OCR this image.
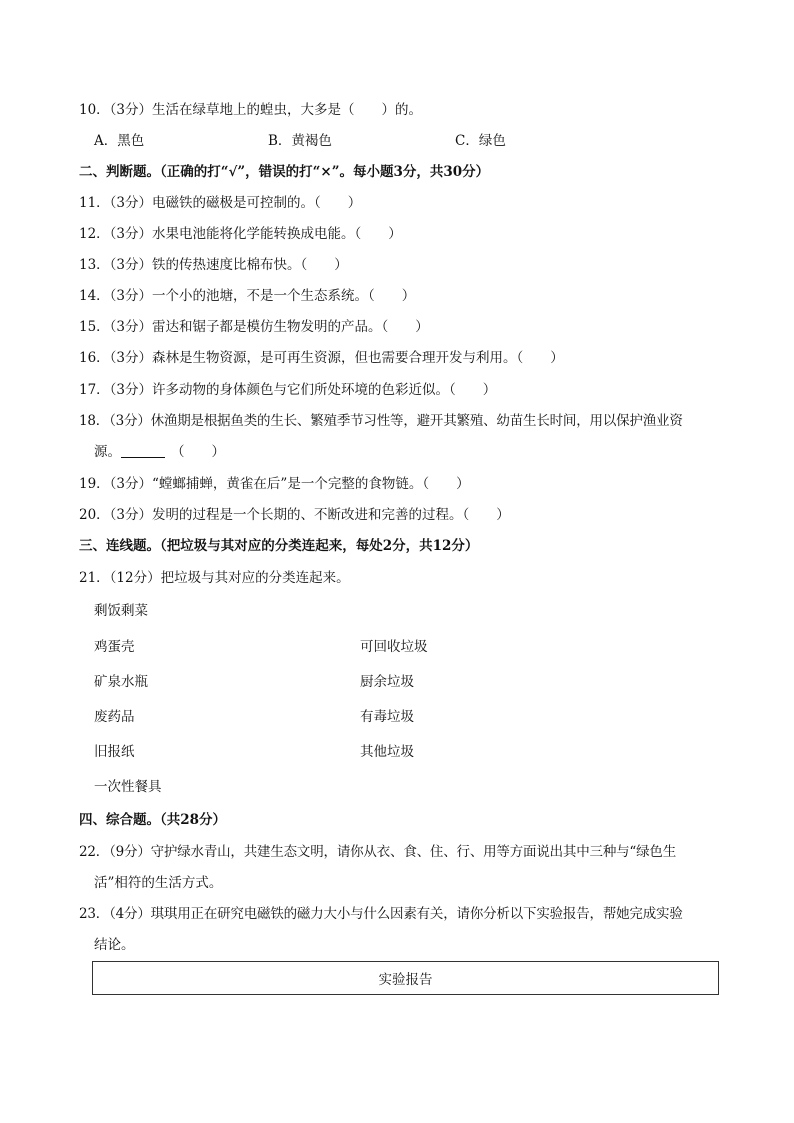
10．（3分）生活在绿草地上的蝗虫，大多是（　　）的。
A．黑色	B．黄褐色	C．绿色
二、判断题。（正确的打“√”，错误的打“×”。每小题3分，共30分）
11．（3分）电磁铁的磁极是可控制的。（　　）
12．（3分）水果电池能将化学能转换成电能。（　　）
13．（3分）铁的传热速度比棉布快。（　　）
14．（3分）一个小的池塘，不是一个生态系统。（　　）
15．（3分）雷达和锯子都是模仿生物发明的产品。（　　）
16．（3分）森林是生物资源，是可再生资源，但也需要合理开发与利用。（　　）
17．（3分）许多动物的身体颜色与它们所处环境的色彩近似。（　　）
18．（3分）休渔期是根据鱼类的生长、繁殖季节习性等，避开其繁殖、幼苗生长时间，用以保护渔业资
源。	（　　）
19．（3分）“螳螂捕蝉，黄雀在后”是一个完整的食物链。（　　）
20．（3分）发明的过程是一个长期的、不断改进和完善的过程。（　　）
三、连线题。（把垃圾与其对应的分类连起来，每处2分，共12分）
21．（12分）把垃圾与其对应的分类连起来。
剩饭剩菜
鸡蛋壳
矿泉水瓶
废药品
旧报纸
一次性餐具
可回收垃圾
厨余垃圾
有毒垃圾
其他垃圾
四、综合题。（共28分）
22．（9分）守护绿水青山，共建生态文明，请你从衣、食、住、行、用等方面说出其中三种与“绿色生
活”相符的生活方式。
23．（4分）琪琪用正在研究电磁铁的磁力大小与什么因素有关，请你分析以下实验报告，帮她完成实验
结论。
实验报告
